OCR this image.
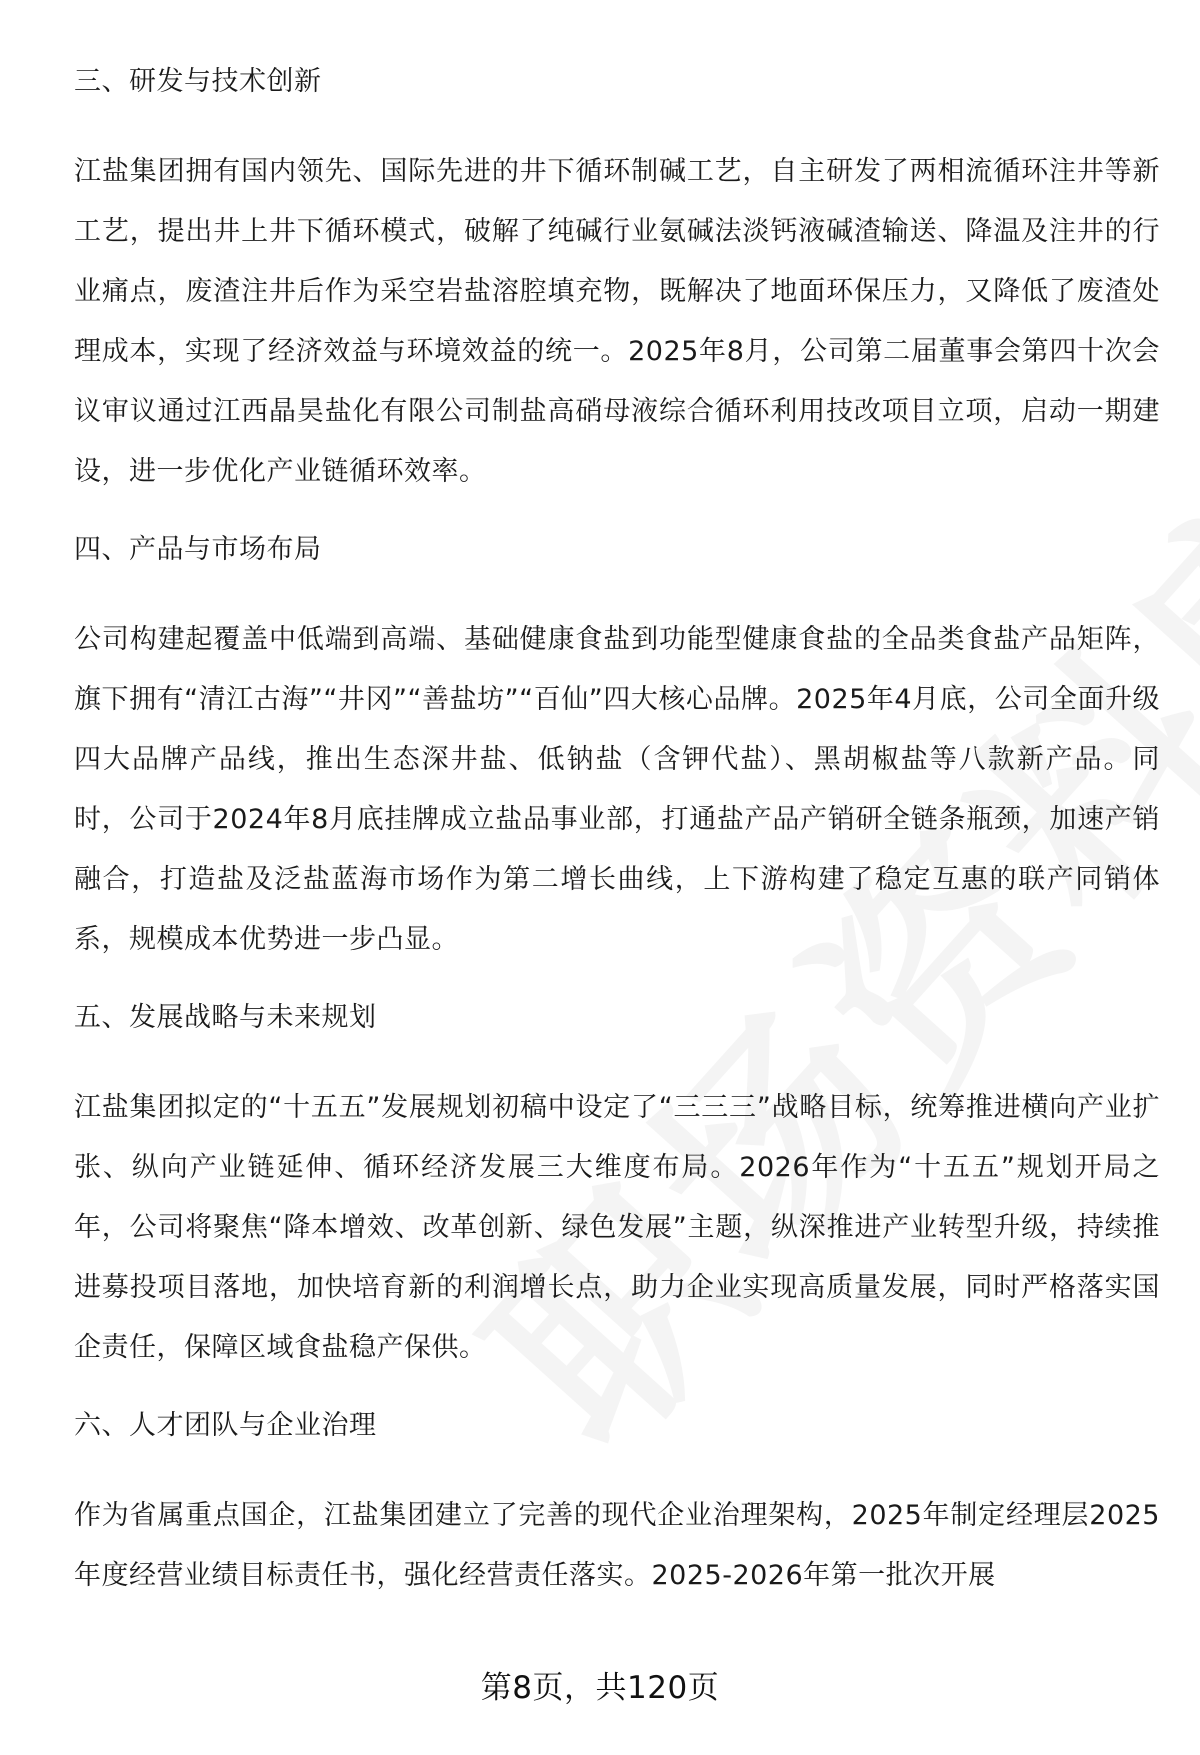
三、研发与技术创新

江盐集团拥有国内领先、国际先进的井下循环制碱工艺，自主研发了两相流循环注井等新工艺，提出井上井下循环模式，破解了纯碱行业氨碱法淡钙液碱渣输送、降温及注井的行业痛点，废渣注井后作为采空岩盐溶腔填充物，既解决了地面环保压力，又降低了废渣处理成本，实现了经济效益与环境效益的统一。2025年8月，公司第二届董事会第四十次会议审议通过江西晶昊盐化有限公司制盐高硝母液综合循环利用技改项目立项，启动一期建设，进一步优化产业链循环效率。

四、产品与市场布局

公司构建起覆盖中低端到高端、基础健康食盐到功能型健康食盐的全品类食盐产品矩阵，旗下拥有“清江古海”“井冈”“善盐坊”“百仙”四大核心品牌。2025年4月底，公司全面升级四大品牌产品线，推出生态深井盐、低钠盐（含钾代盐）、黑胡椒盐等八款新产品。同时，公司于2024年8月底挂牌成立盐品事业部，打通盐产品产销研全链条瓶颈，加速产销融合，打造盐及泛盐蓝海市场作为第二增长曲线，上下游构建了稳定互惠的联产同销体系，规模成本优势进一步凸显。

五、发展战略与未来规划

江盐集团拟定的“十五五”发展规划初稿中设定了“三三三”战略目标，统筹推进横向产业扩张、纵向产业链延伸、循环经济发展三大维度布局。2026年作为“十五五”规划开局之年，公司将聚焦“降本增效、改革创新、绿色发展”主题，纵深推进产业转型升级，持续推进募投项目落地，加快培育新的利润增长点，助力企业实现高质量发展，同时严格落实国企责任，保障区域食盐稳产保供。

六、人才团队与企业治理

作为省属重点国企，江盐集团建立了完善的现代企业治理架构，2025年制定经理层2025年度经营业绩目标责任书，强化经营责任落实。2025-2026年第一批次开展

第8页，共120页
